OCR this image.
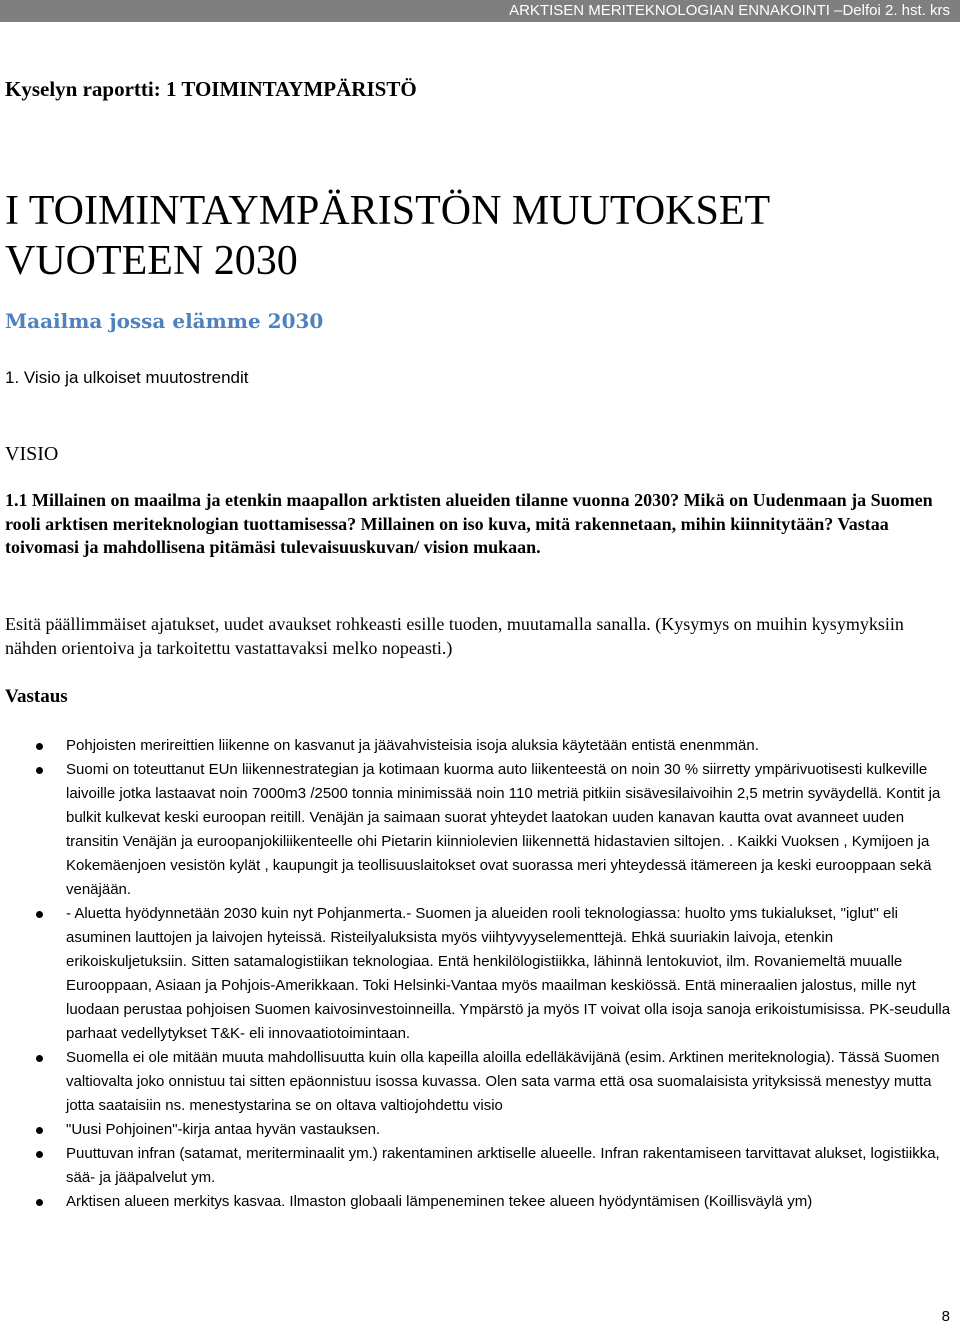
ARKTISEN MERITEKNOLOGIAN ENNAKOINTI –Delfoi 2. hst. krs
Kyselyn raportti: 1 TOIMINTAYMPÄRISTÖ
I TOIMINTAYMPÄRISTÖN MUUTOKSET VUOTEEN 2030
Maailma jossa elämme 2030

1. Visio ja ulkoiset muutostrendit

VISIO

1.1 Millainen on maailma ja etenkin maapallon arktisten alueiden tilanne vuonna 2030? Mikä on Uudenmaan ja Suomen rooli arktisen meriteknologian tuottamisessa? Millainen on iso kuva, mitä rakennetaan, mihin kiinnitytään? Vastaa toivomasi ja mahdollisena pitämäsi tulevaisuuskuvan/ vision mukaan.

Esitä päällimmäiset ajatukset, uudet avaukset rohkeasti esille tuoden, muutamalla sanalla. (Kysymys on muihin kysymyksiin nähden orientoiva ja tarkoitettu vastattavaksi melko nopeasti.)

Vastaus

Pohjoisten merireittien liikenne on kasvanut ja jäävahvisteisia isoja aluksia käytetään entistä enenmmän.
Suomi on toteuttanut EUn liikennestrategian ja kotimaan kuorma auto liikenteestä on noin 30 % siirretty ympärivuotisesti kulkeville laivoille jotka lastaavat noin 7000m3 /2500 tonnia minimissää noin 110 metriä pitkiin sisävesilaivoihin 2,5 metrin syväydellä. Kontit ja bulkit kulkevat keski euroopan reitill. Venäjän ja saimaan suorat yhteydet laatokan uuden kanavan kautta ovat avanneet uuden transitin Venäjän ja euroopanjokiliikenteelle ohi Pietarin kiinniolevien liikennettä hidastavien siltojen. . Kaikki Vuoksen , Kymijoen ja Kokemäenjoen vesistön kylät , kaupungit ja teollisuuslaitokset ovat suorassa meri yhteydessä itämereen ja keski eurooppaan sekä venäjään.
- Aluetta hyödynnetään 2030 kuin nyt Pohjanmerta.- Suomen ja alueiden rooli teknologiassa: huolto yms tukialukset, "iglut" eli asuminen lauttojen ja laivojen hyteissä. Risteilyaluksista myös viihtyvyyselementtejä. Ehkä suuriakin laivoja, etenkin erikoiskuljetuksiin. Sitten satamalogistiikan teknologiaa. Entä henkilölogistiikka, lähinnä lentokuviot, ilm. Rovaniemeltä muualle Eurooppaan, Asiaan ja Pohjois-Amerikkaan. Toki Helsinki-Vantaa myös maailman keskiössä. Entä mineraalien jalostus, mille nyt luodaan perustaa pohjoisen Suomen kaivosinvestoinneilla. Ympärstö ja myös IT voivat olla isoja sanoja erikoistumisissa. PK-seudulla parhaat vedellytykset T&K- eli innovaatiotoimintaan.
Suomella ei ole mitään muuta mahdollisuutta kuin olla kapeilla aloilla edelläkävijänä (esim. Arktinen meriteknologia). Tässä Suomen valtiovalta joko onnistuu tai sitten epäonnistuu isossa kuvassa. Olen sata varma että osa suomalaisista yrityksissä menestyy mutta jotta saataisiin ns. menestystarina se on oltava valtiojohdettu visio
"Uusi Pohjoinen"-kirja antaa hyvän vastauksen.
Puuttuvan infran (satamat, meriterminaalit ym.) rakentaminen arktiselle alueelle. Infran rakentamiseen tarvittavat alukset, logistiikka, sää- ja jääpalvelut ym.
Arktisen alueen merkitys kasvaa. Ilmaston globaali lämpeneminen tekee alueen hyödyntämisen (Koillisväylä ym)

8
